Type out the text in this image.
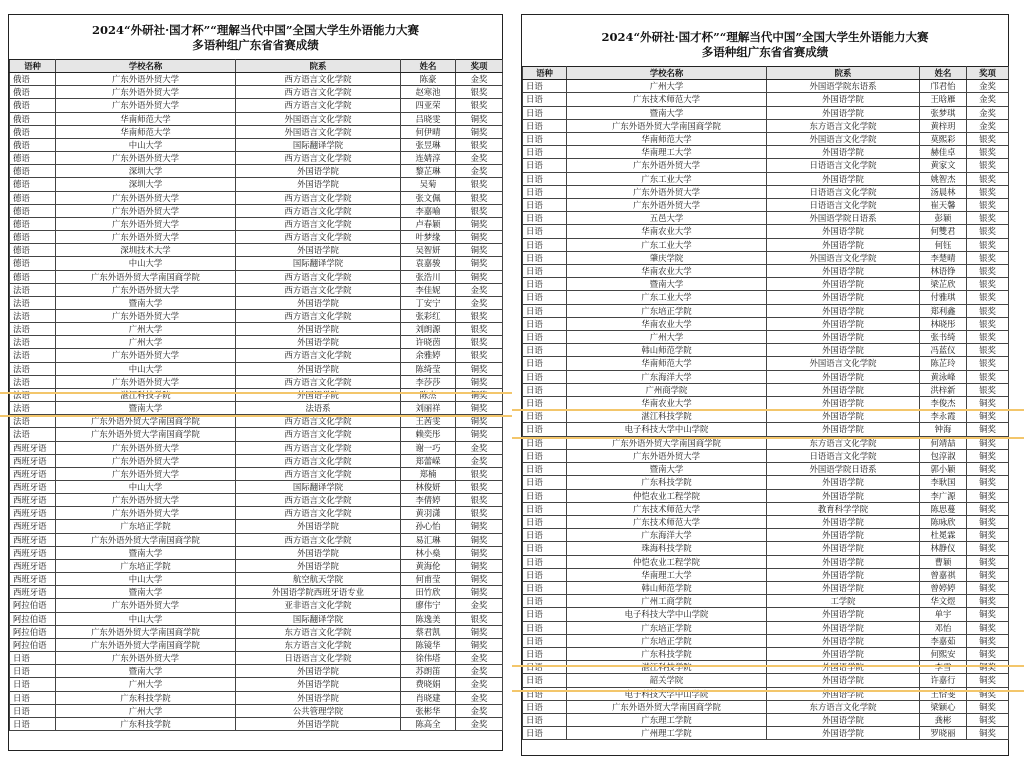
2024“外研社·国才杯”“理解当代中国”全国大学生外语能力大赛
多语种组广东省省赛成绩
语种	学校名称	院系	姓名	奖项
俄语	广东外语外贸大学	西方语言文化学院	陈豪	金奖
俄语	广东外语外贸大学	西方语言文化学院	赵寒池	银奖
俄语	广东外语外贸大学	西方语言文化学院	四亚荣	银奖
俄语	华南师范大学	外国语言文化学院	吕晓雯	铜奖
俄语	华南师范大学	外国语言文化学院	何伊晴	铜奖
俄语	中山大学	国际翻译学院	张昱琳	银奖
德语	广东外语外贸大学	西方语言文化学院	连婧淳	金奖
德语	深圳大学	外国语学院	黎芷琳	金奖
德语	深圳大学	外国语学院	吴菊	银奖
德语	广东外语外贸大学	西方语言文化学院	张文佩	银奖
德语	广东外语外贸大学	西方语言文化学院	李嘉喻	银奖
德语	广东外语外贸大学	西方语言文化学院	卢春颖	铜奖
德语	广东外语外贸大学	西方语言文化学院	叶梦缘	铜奖
德语	深圳技术大学	外国语学院	吴智妍	铜奖
德语	中山大学	国际翻译学院	袁嘉骏	铜奖
德语	广东外语外贸大学南国商学院	西方语言文化学院	张浩川	铜奖
法语	广东外语外贸大学	西方语言文化学院	李佳妮	金奖
法语	暨南大学	外国语学院	丁安宁	金奖
法语	广东外语外贸大学	西方语言文化学院	张彩红	银奖
法语	广州大学	外国语学院	刘朗源	银奖
法语	广州大学	外国语学院	许晓茵	银奖
法语	广东外语外贸大学	西方语言文化学院	余雅婷	银奖
法语	中山大学	外国语学院	陈绮莹	铜奖
法语	广东外语外贸大学	西方语言文化学院	李莎莎	铜奖
法语	湛江科技学院	外国语学院	陈杰	铜奖
法语	暨南大学	法语系	刘丽祥	铜奖
法语	广东外语外贸大学南国商学院	西方语言文化学院	王茜雯	铜奖
法语	广东外语外贸大学南国商学院	西方语言文化学院	赖奕彤	铜奖
西班牙语	广东外语外贸大学	西方语言文化学院	谢一巧	金奖
西班牙语	广东外语外贸大学	西方语言文化学院	郑蕾嵘	金奖
西班牙语	广东外语外贸大学	西方语言文化学院	郑楠	银奖
西班牙语	中山大学	国际翻译学院	林俊妍	银奖
西班牙语	广东外语外贸大学	西方语言文化学院	李倩婷	银奖
西班牙语	广东外语外贸大学	西方语言文化学院	黄羽潇	银奖
西班牙语	广东培正学院	外国语学院	孙心怡	铜奖
西班牙语	广东外语外贸大学南国商学院	西方语言文化学院	易汇琳	铜奖
西班牙语	暨南大学	外国语学院	林小燊	铜奖
西班牙语	广东培正学院	外国语学院	黄海伦	铜奖
西班牙语	中山大学	航空航天学院	何甫莹	铜奖
西班牙语	暨南大学	外国语学院西班牙语专业	田竹欣	铜奖
阿拉伯语	广东外语外贸大学	亚非语言文化学院	廖伟宁	金奖
阿拉伯语	中山大学	国际翻译学院	陈逸美	银奖
阿拉伯语	广东外语外贸大学南国商学院	东方语言文化学院	蔡君凯	铜奖
阿拉伯语	广东外语外贸大学南国商学院	东方语言文化学院	陈镜华	铜奖
日语	广东外语外贸大学	日语语言文化学院	徐伟塔	金奖
日语	暨南大学	外国语学院	苏朗笛	金奖
日语	广州大学	外国语学院	费晓娟	金奖
日语	广东科技学院	外国语学院	肖晓建	金奖
日语	广州大学	公共管理学院	张彬华	金奖
日语	广东科技学院	外国语学院	陈高全	金奖
2024“外研社·国才杯”“理解当代中国”全国大学生外语能力大赛
多语种组广东省省赛成绩
语种	学校名称	院系	姓名	奖项
日语	广州大学	外国语学院东语系	邝君怡	金奖
日语	广东技术师范大学	外国语学院	王晗雁	金奖
日语	暨南大学	外国语学院	张梦琪	金奖
日语	广东外语外贸大学南国商学院	东方语言文化学院	黄梓玥	金奖
日语	华南师范大学	外国语言文化学院	莫熙彩	银奖
日语	华南理工大学	外国语学院	赫佳卓	银奖
日语	广东外语外贸大学	日语语言文化学院	黄家文	银奖
日语	广东工业大学	外国语学院	姚智杰	银奖
日语	广东外语外贸大学	日语语言文化学院	汤晨林	银奖
日语	广东外语外贸大学	日语语言文化学院	崔天馨	银奖
日语	五邑大学	外国语学院日语系	彭颖	银奖
日语	华南农业大学	外国语学院	何雙君	银奖
日语	广东工业大学	外国语学院	何钰	银奖
日语	肇庆学院	外国语言文化学院	李楚晴	银奖
日语	华南农业大学	外国语学院	林语铮	银奖
日语	暨南大学	外国语学院	梁芷欣	银奖
日语	广东工业大学	外国语学院	付雅琪	银奖
日语	广东培正学院	外国语学院	郑利鑫	银奖
日语	华南农业大学	外国语学院	林晓彤	银奖
日语	广州大学	外国语学院	张书绮	银奖
日语	韩山师范学院	外国语学院	冯蓝仪	银奖
日语	华南师范大学	外国语言文化学院	陈芷玲	银奖
日语	广东海洋大学	外国语学院	黄泳峰	银奖
日语	广州商学院	外国语学院	洪梓新	银奖
日语	华南农业大学	外国语学院	李俊杰	铜奖
日语	湛江科技学院	外国语学院	李永霞	铜奖
日语	电子科技大学中山学院	外国语学院	钟海	铜奖
日语	广东外语外贸大学南国商学院	东方语言文化学院	何靖喆	铜奖
日语	广东外语外贸大学	日语语言文化学院	包淳淑	铜奖
日语	暨南大学	外国语学院日语系	郭小颖	铜奖
日语	广东科技学院	外国语学院	李耿国	铜奖
日语	仲恺农业工程学院	外国语学院	李广源	铜奖
日语	广东技术师范大学	教育科学学院	陈思蔓	铜奖
日语	广东技术师范大学	外国语学院	陈咏欣	铜奖
日语	广东海洋大学	外国语学院	杜冕霖	铜奖
日语	珠海科技学院	外国语学院	林静仪	铜奖
日语	仲恺农业工程学院	外国语学院	曹颖	铜奖
日语	华南理工大学	外国语学院	曾嘉祺	铜奖
日语	韩山师范学院	外国语学院	曾婷婷	铜奖
日语	广州工商学院	工学院	华文煜	铜奖
日语	电子科技大学中山学院	外国语学院	单宇	铜奖
日语	广东培正学院	外国语学院	邓怡	铜奖
日语	广东培正学院	外国语学院	李嘉茹	铜奖
日语	广东科技学院	外国语学院	何熙安	铜奖
日语	湛江科技学院	外国语学院	李雪	铜奖
日语	韶关学院	外国语学院	许嘉行	铜奖
日语	电子科技大学中山学院	外国语学院	王恰斐	铜奖
日语	广东外语外贸大学南国商学院	东方语言文化学院	梁颖心	铜奖
日语	广东理工学院	外国语学院	龚彬	铜奖
日语	广州理工学院	外国语学院	罗晓丽	铜奖
